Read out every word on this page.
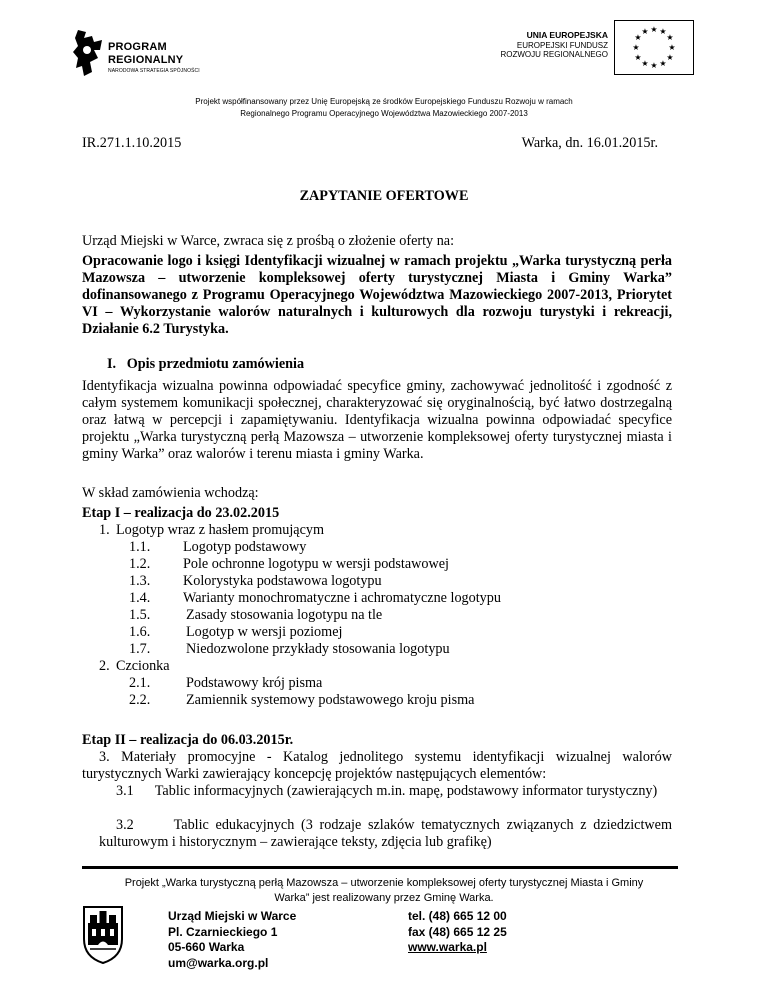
PROGRAM
REGIONALNY
NARODOWA STRATEGIA SPÓJNOŚCI
UNIA EUROPEJSKA
EUROPEJSKI FUNDUSZ
ROZWOJU REGIONALNEGO
★ ★
★
★
★
★
★
★
★
★
★
★
Projekt współfinansowany przez Unię Europejską ze środków Europejskiego Funduszu Rozwoju w ramach
Regionalnego Programu Operacyjnego Województwa Mazowieckiego 2007-2013
IR.271.1.10.2015	Warka, dn. 16.01.2015r.
ZAPYTANIE OFERTOWE
Urząd Miejski w Warce, zwraca się z prośbą o złożenie oferty na:
Opracowanie logo i księgi Identyfikacji wizualnej w ramach projektu „Warka turystyczną perła Mazowsza – utworzenie kompleksowej oferty turystycznej Miasta i Gminy Warka” dofinansowanego z Programu Operacyjnego Województwa Mazowieckiego 2007-2013, Priorytet VI – Wykorzystanie walorów naturalnych i kulturowych dla rozwoju turystyki i rekreacji, Działanie 6.2 Turystyka.
I.   Opis przedmiotu zamówienia
Identyfikacja wizualna powinna odpowiadać specyfice gminy, zachowywać jednolitość i zgodność z całym systemem komunikacji społecznej, charakteryzować się oryginalnością, być łatwo dostrzegalną oraz łatwą w percepcji i zapamiętywaniu. Identyfikacja wizualna powinna odpowiadać specyfice projektu „Warka turystyczną perłą Mazowsza – utworzenie kompleksowej oferty turystycznej miasta i gminy Warka” oraz walorów i terenu miasta i gminy Warka.
W skład zamówienia wchodzą:
Etap I – realizacja do 23.02.2015
1. Logotyp wraz z hasłem promującym
1.1. Logotyp podstawowy
1.2. Pole ochronne logotypu w wersji podstawowej
1.3. Kolorystyka podstawowa logotypu
1.4. Warianty monochromatyczne i achromatyczne logotypu
1.5.	Zasady stosowania logotypu na tle
1.6.	Logotyp w wersji poziomej
1.7.	Niedozwolone przykłady stosowania logotypu
2. Czcionka
2.1.	Podstawowy krój pisma
2.2.	Zamiennik systemowy podstawowego kroju pisma
Etap II – realizacja do 06.03.2015r.
3. Materiały promocyjne - Katalog jednolitego systemu identyfikacji wizualnej walorów turystycznych Warki zawierający koncepcję projektów następujących elementów:
3.1      Tablic informacyjnych (zawierających m.in. mapę, podstawowy informator turystyczny)
3.2      Tablic edukacyjnych (3 rodzaje szlaków tematycznych związanych z dziedzictwem kulturowym i historycznym – zawierające teksty, zdjęcia lub grafikę)
Projekt „Warka turystyczną perłą Mazowsza – utworzenie kompleksowej oferty turystycznej Miasta i Gminy
Warka” jest realizowany przez Gminę Warka.
Urząd Miejski w Warce
Pl. Czarnieckiego 1
05-660 Warka
um@warka.org.pl
tel. (48) 665 12 00
fax (48) 665 12 25
www.warka.pl
